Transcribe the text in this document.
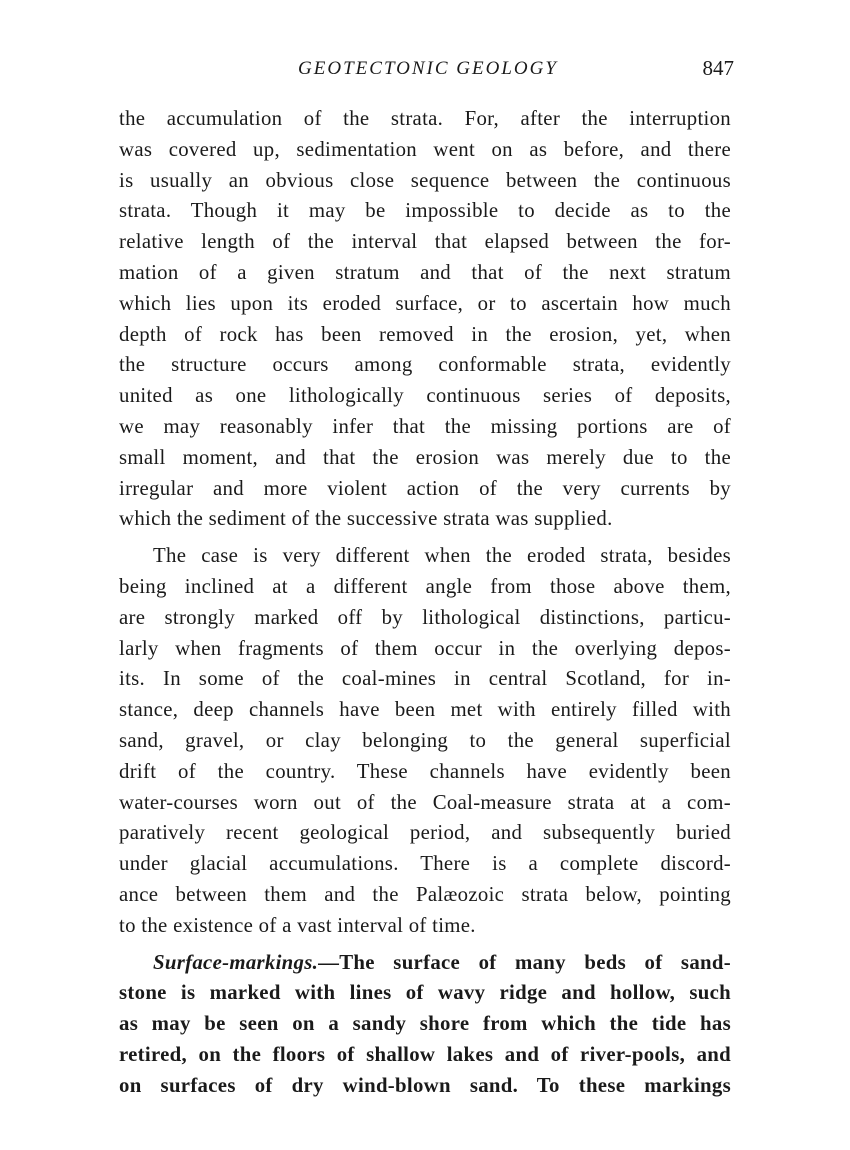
GEOTECTONIC GEOLOGY	847

the accumulation of the strata. For, after the interruption

was covered up, sedimentation went on as before, and there

is usually an obvious close sequence between the continuous

strata. Though it may be impossible to decide as to the

relative length of the interval that elapsed between the for-

mation of a given stratum and that of the next stratum

which lies upon its eroded surface, or to ascertain how much

depth of rock has been removed in the erosion, yet, when

the structure occurs among conformable strata, evidently

united as one lithologically continuous series of deposits,

we may reasonably infer that the missing portions are of

small moment, and that the erosion was merely due to the

irregular and more violent action of the very currents by

which the sediment of the successive strata was supplied.

The case is very different when the eroded strata, besides

being inclined at a different angle from those above them,

are strongly marked off by lithological distinctions, particu-

larly when fragments of them occur in the overlying depos-

its. In some of the coal-mines in central Scotland, for in-

stance, deep channels have been met with entirely filled with

sand, gravel, or clay belonging to the general superficial

drift of the country. These channels have evidently been

water-courses worn out of the Coal-measure strata at a com-

paratively recent geological period, and subsequently buried

under glacial accumulations. There is a complete discord-

ance between them and the Palæozoic strata below, pointing

to the existence of a vast interval of time.

Surface-markings.—The surface of many beds of sand-

stone is marked with lines of wavy ridge and hollow, such

as may be seen on a sandy shore from which the tide has

retired, on the floors of shallow lakes and of river-pools, and

on surfaces of dry wind-blown sand. To these markings
